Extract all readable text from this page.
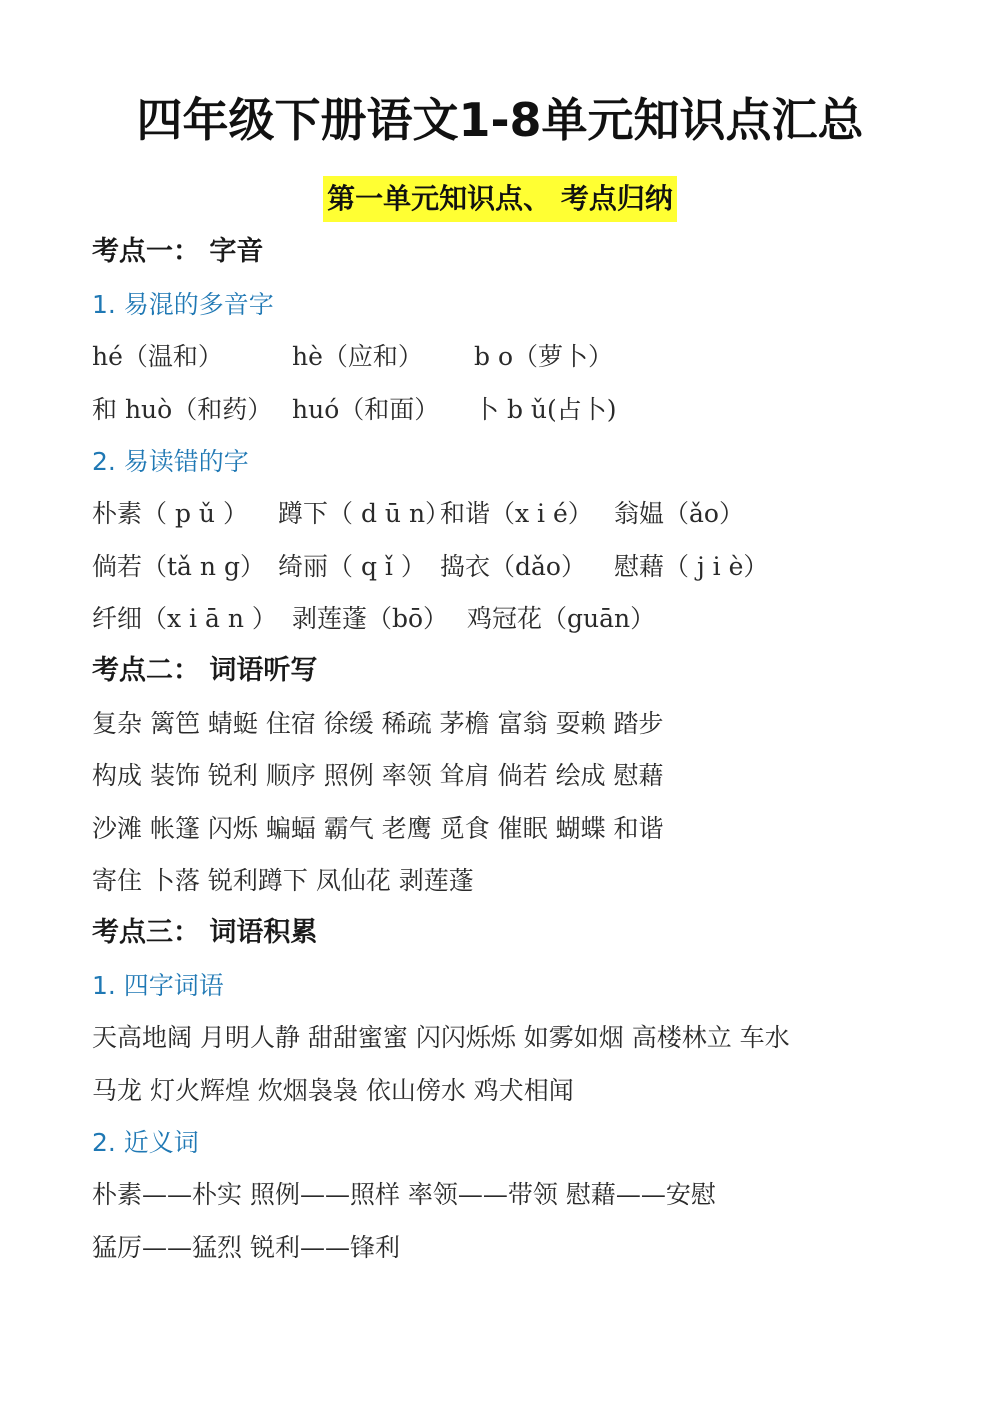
四年级下册语文1-8单元知识点汇总
第一单元知识点、 考点归纳
考点一： 字音
1. 易混的多音字
hé（温和）	hè（应和） b o（萝卜）
和 huò（和药） huó（和面） 卜 b ǔ(占卜)
2. 易读错的字
朴素（ p ǔ ） 蹲下（ d ū n）
和谐（x i é） 翁媪（ǎo）
倘若（tǎ n g） 绮丽（ q ǐ ） 捣衣（dǎo） 慰藉（ j i è）
纤细（x i ā n ） 剥莲蓬（bō） 鸡冠花（guān）
考点二： 词语听写
复杂 篱笆 蜻蜓 住宿 徐缓 稀疏 茅檐 富翁 耍赖 踏步
构成 装饰 锐利 顺序 照例 率领 耸肩 倘若 绘成 慰藉
沙滩 帐篷 闪烁 蝙蝠 霸气 老鹰 觅食 催眠 蝴蝶 和谐
寄住 卜落 锐利蹲下 凤仙花 剥莲蓬
考点三： 词语积累
1. 四字词语
天高地阔 月明人静 甜甜蜜蜜 闪闪烁烁 如雾如烟 高楼林立 车水
马龙 灯火辉煌 炊烟袅袅 依山傍水 鸡犬相闻
2. 近义词
朴素——朴实 照例——照样 率领——带领 慰藉——安慰
猛厉——猛烈 锐利——锋利
